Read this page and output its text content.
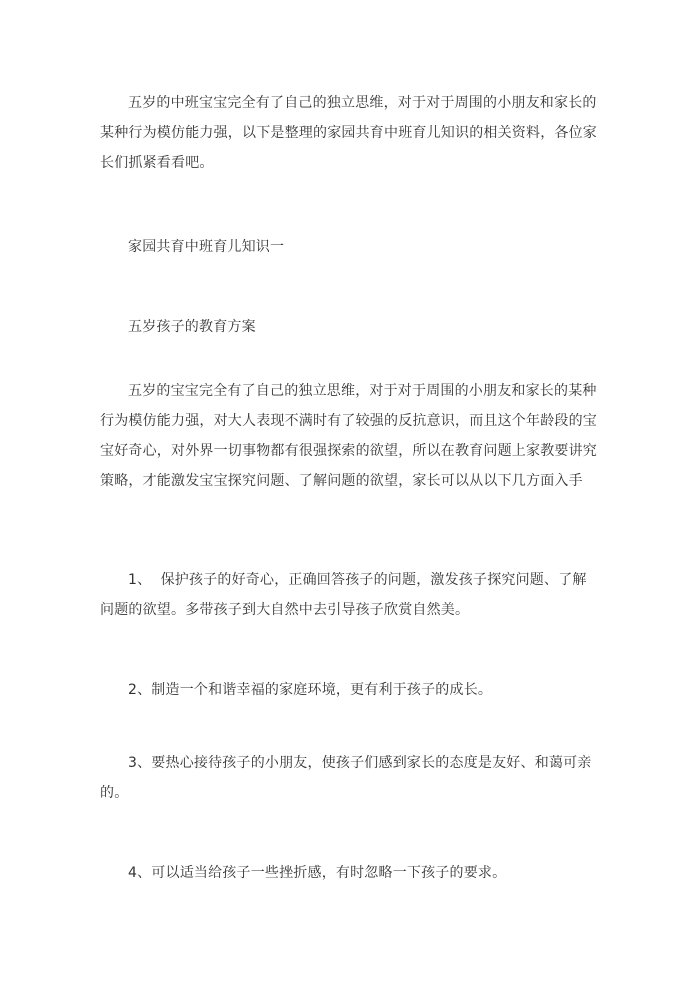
五岁的中班宝宝完全有了自己的独立思维，对于对于周围的小朋友和家长的
某种行为模仿能力强，以下是整理的家园共育中班育儿知识的相关资料，各位家
长们抓紧看看吧。

家园共育中班育儿知识一

五岁孩子的教育方案

五岁的宝宝完全有了自己的独立思维，对于对于周围的小朋友和家长的某种
行为模仿能力强，对大人表现不满时有了较强的反抗意识，而且这个年龄段的宝
宝好奇心，对外界一切事物都有很强探索的欲望，所以在教育问题上家教要讲究
策略，才能激发宝宝探究问题、了解问题的欲望，家长可以从以下几方面入手

1、  保护孩子的好奇心，正确回答孩子的问题，激发孩子探究问题、了解
问题的欲望。多带孩子到大自然中去引导孩子欣赏自然美。

2、制造一个和谐幸福的家庭环境，更有利于孩子的成长。

3、要热心接待孩子的小朋友，使孩子们感到家长的态度是友好、和蔼可亲
的。

4、可以适当给孩子一些挫折感，有时忽略一下孩子的要求。
